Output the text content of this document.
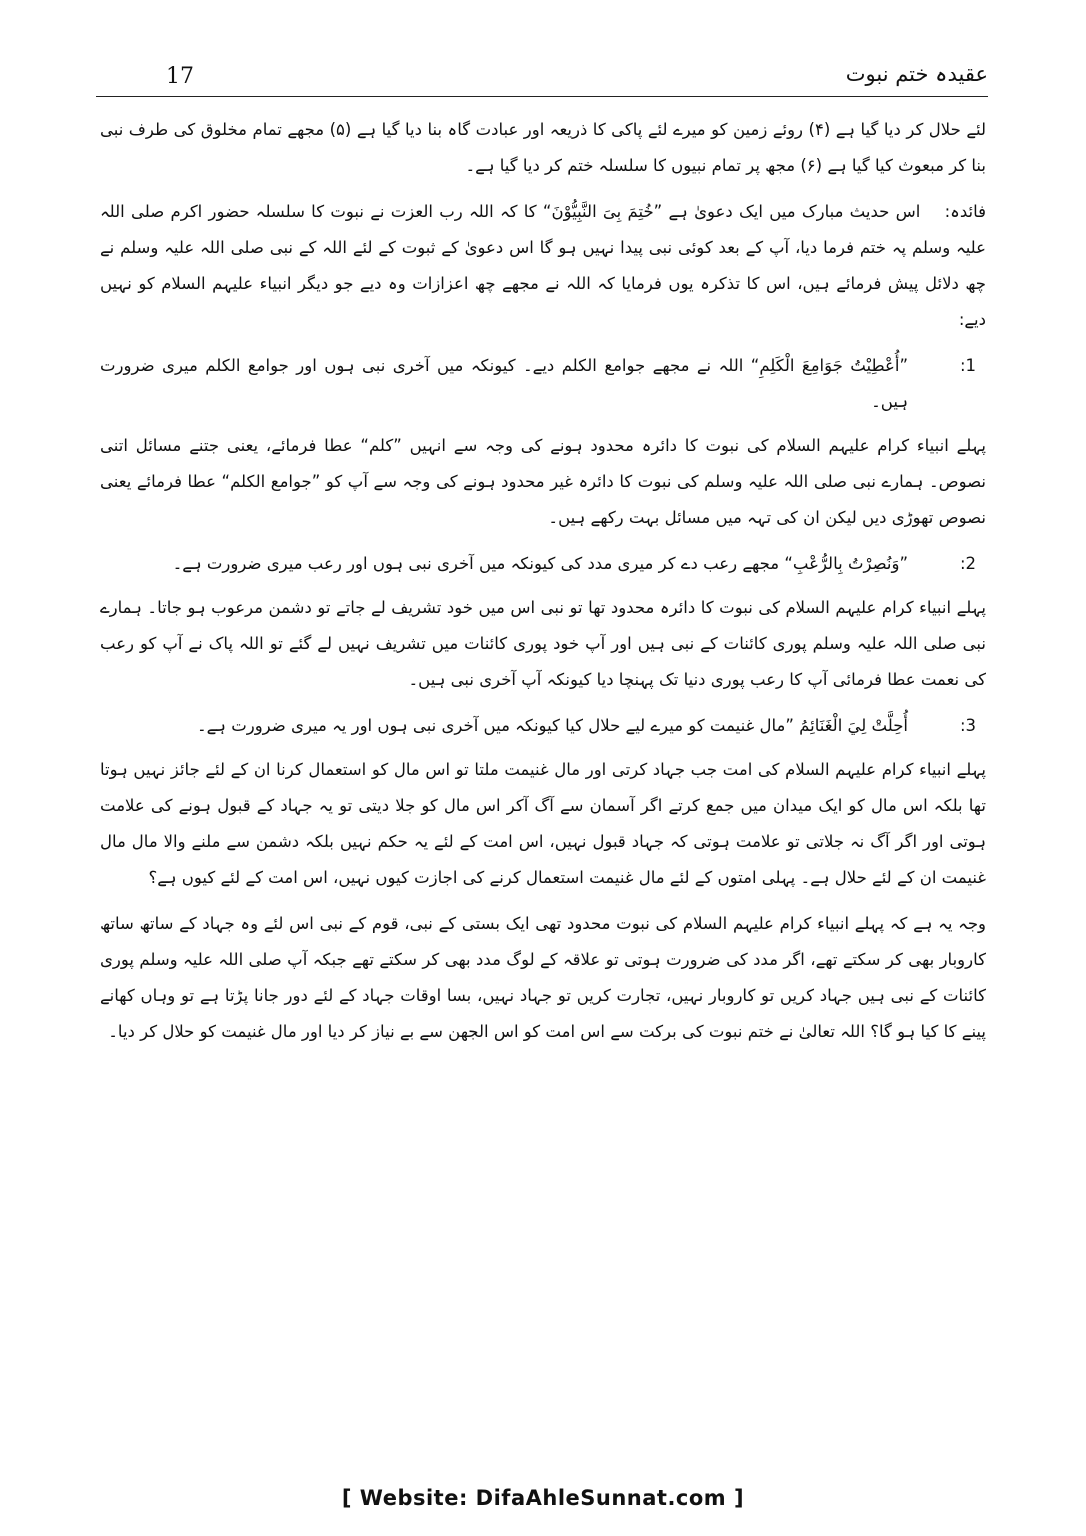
17	عقیدہ ختم نبوت

لئے حلال کر دیا گیا ہے (۴) روئے زمین کو میرے لئے پاکی کا ذریعہ اور عبادت گاہ بنا دیا گیا ہے (۵) مجھے تمام مخلوق کی طرف نبی بنا کر مبعوث کیا گیا ہے (۶) مجھ پر تمام نبیوں کا سلسلہ ختم کر دیا گیا ہے۔

فائدہ: اس حدیث مبارک میں ایک دعویٰ ہے ”خُتِمَ بِیَ النَّبِیُّوْنَ“ کا کہ اللہ رب العزت نے نبوت کا سلسلہ حضور اکرم صلی اللہ علیہ وسلم پہ ختم فرما دیا، آپ کے بعد کوئی نبی پیدا نہیں ہو گا اس دعویٰ کے ثبوت کے لئے اللہ کے نبی صلی اللہ علیہ وسلم نے چھ دلائل پیش فرمائے ہیں، اس کا تذکرہ یوں فرمایا کہ اللہ نے مجھے چھ اعزازات وہ دیے جو دیگر انبیاء علیہم السلام کو نہیں دیے:

1:
”أُعْطِیْتُ جَوَامِعَ الْكَلِمِ“ اللہ نے مجھے جوامع الکلم دیے۔ کیونکہ میں آخری نبی ہوں اور جوامع الکلم میری ضرورت ہیں۔

پہلے انبیاء کرام علیہم السلام کی نبوت کا دائرہ محدود ہونے کی وجہ سے انہیں ”کلم“ عطا فرمائے، یعنی جتنے مسائل اتنی نصوص۔ ہمارے نبی صلی اللہ علیہ وسلم کی نبوت کا دائرہ غیر محدود ہونے کی وجہ سے آپ کو ”جوامع الکلم“ عطا فرمائے یعنی نصوص تھوڑی دیں لیکن ان کی تہہ میں مسائل بہت رکھے ہیں۔

2:
”وَنُصِرْتُ بِالرُّعْبِ“ مجھے رعب دے کر میری مدد کی کیونکہ میں آخری نبی ہوں اور رعب میری ضرورت ہے۔

پہلے انبیاء کرام علیہم السلام کی نبوت کا دائرہ محدود تھا تو نبی اس میں خود تشریف لے جاتے تو دشمن مرعوب ہو جاتا۔ ہمارے نبی صلی اللہ علیہ وسلم پوری کائنات کے نبی ہیں اور آپ خود پوری کائنات میں تشریف نہیں لے گئے تو اللہ پاک نے آپ کو رعب کی نعمت عطا فرمائی آپ کا رعب پوری دنیا تک پہنچا دیا کیونکہ آپ آخری نبی ہیں۔

3:
أُحِلَّتْ لِيَ الْغَنَائِمُ ”مال غنیمت کو میرے لیے حلال کیا کیونکہ میں آخری نبی ہوں اور یہ میری ضرورت ہے۔

پہلے انبیاء کرام علیہم السلام کی امت جب جہاد کرتی اور مال غنیمت ملتا تو اس مال کو استعمال کرنا ان کے لئے جائز نہیں ہوتا تھا بلکہ اس مال کو ایک میدان میں جمع کرتے اگر آسمان سے آگ آکر اس مال کو جلا دیتی تو یہ جہاد کے قبول ہونے کی علامت ہوتی اور اگر آگ نہ جلاتی تو علامت ہوتی کہ جہاد قبول نہیں، اس امت کے لئے یہ حکم نہیں بلکہ دشمن سے ملنے والا مال مال غنیمت ان کے لئے حلال ہے۔ پہلی امتوں کے لئے مال غنیمت استعمال کرنے کی اجازت کیوں نہیں، اس امت کے لئے کیوں ہے؟

وجہ یہ ہے کہ پہلے انبیاء کرام علیہم السلام کی نبوت محدود تھی ایک بستی کے نبی، قوم کے نبی اس لئے وہ جہاد کے ساتھ ساتھ کاروبار بھی کر سکتے تھے، اگر مدد کی ضرورت ہوتی تو علاقہ کے لوگ مدد بھی کر سکتے تھے جبکہ آپ صلی اللہ علیہ وسلم پوری کائنات کے نبی ہیں جہاد کریں تو کاروبار نہیں، تجارت کریں تو جہاد نہیں، بسا اوقات جہاد کے لئے دور جانا پڑتا ہے تو وہاں کھانے پینے کا کیا ہو گا؟ اللہ تعالیٰ نے ختم نبوت کی برکت سے اس امت کو اس الجھن سے بے نیاز کر دیا اور مال غنیمت کو حلال کر دیا۔

[ Website: DifaAhleSunnat.com ]
